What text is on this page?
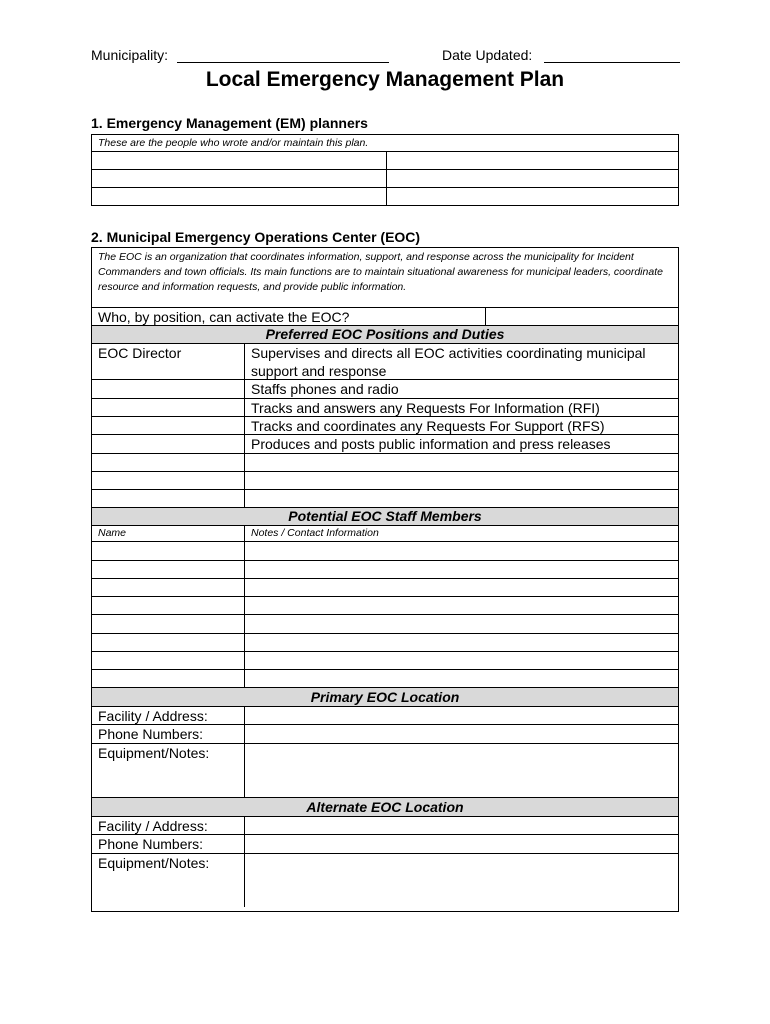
Municipality:	Date Updated:
Local Emergency Management Plan
1. Emergency Management (EM) planners
These are the people who wrote and/or maintain this plan.
2. Municipal Emergency Operations Center (EOC)
The EOC is an organization that coordinates information, support, and response across the municipality for Incident Commanders and town officials. Its main functions are to maintain situational awareness for municipal leaders, coordinate resource and information requests, and provide public information.
Who, by position, can activate the EOC?
Preferred EOC Positions and Duties
EOC Director	Supervises and directs all EOC activities coordinating municipal support and response
Staffs phones and radio
Tracks and answers any Requests For Information (RFI)
Tracks and coordinates any Requests For Support (RFS)
Produces and posts public information and press releases
Potential EOC Staff Members
Name	Notes / Contact Information
Primary EOC Location
Facility / Address:
Phone Numbers:
Equipment/Notes:
Alternate EOC Location
Facility / Address:
Phone Numbers:
Equipment/Notes:
